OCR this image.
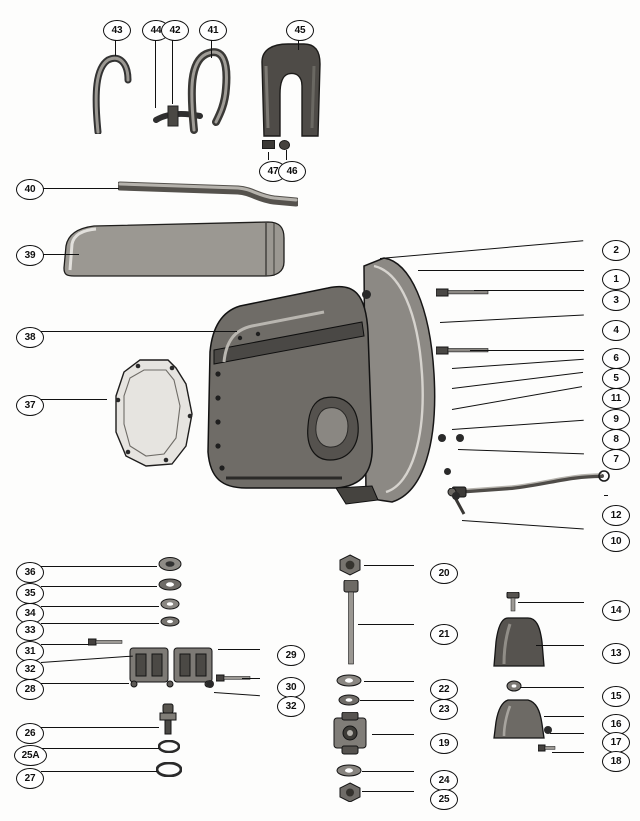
43	44 42	41	45
47 46
40
39
38
37
2
1
3
4
6
5
11
9
8
7
12
10
36
35
34
33
31
32
28
26
25A
27
29
30
32
20
21
22
23
19
24
25
14
13
15
16
17
18
